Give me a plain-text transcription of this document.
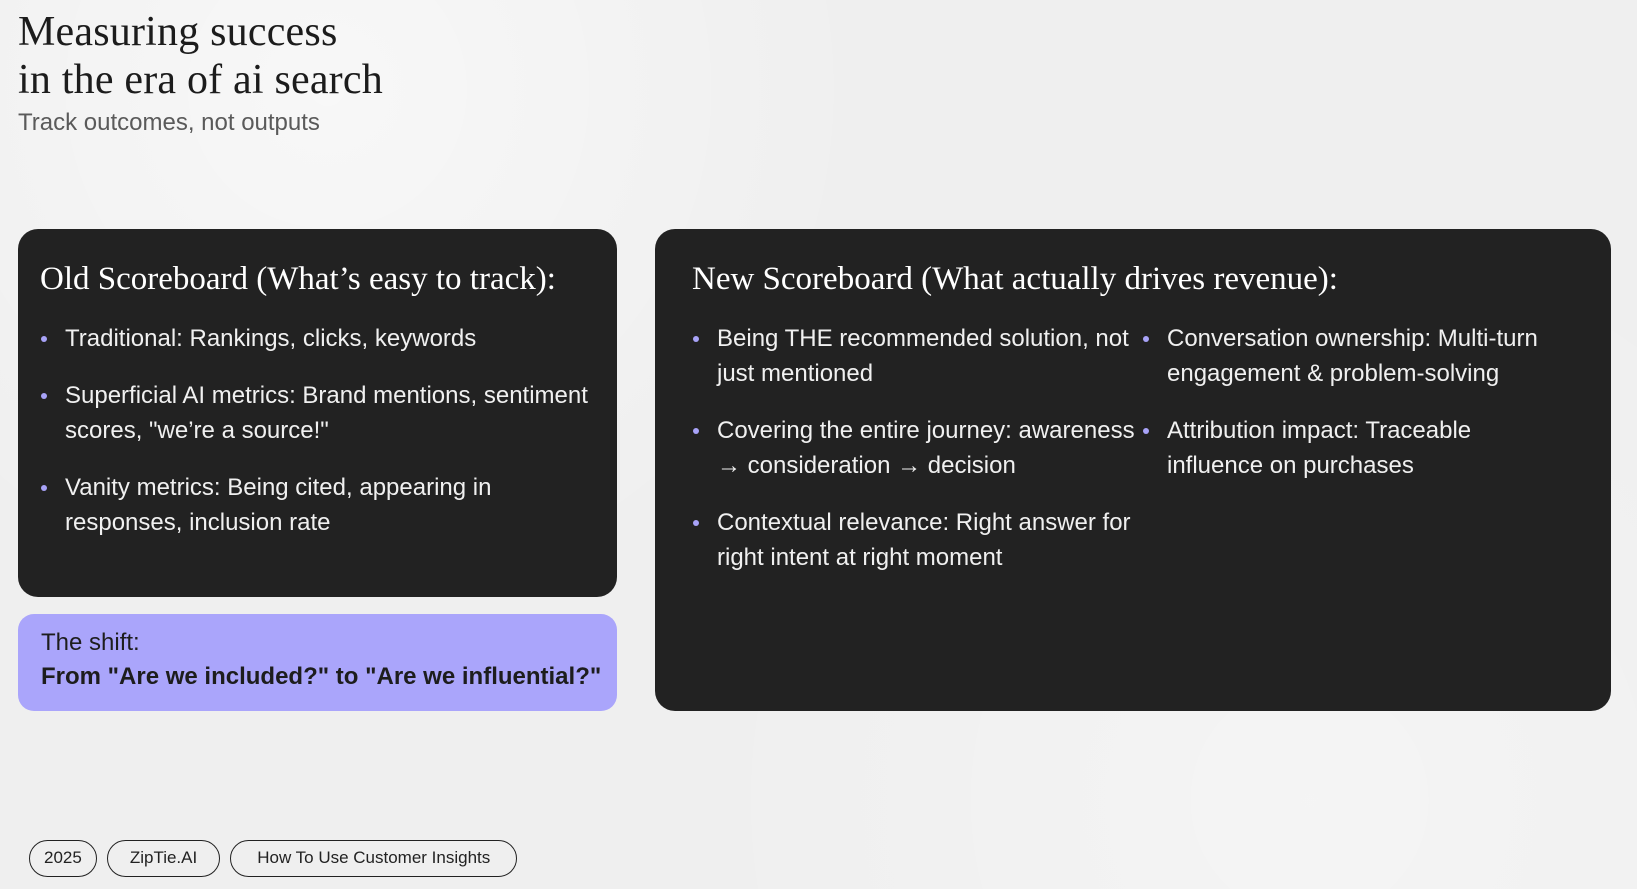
Measuring success
in the era of ai search

Track outcomes, not outputs

Old Scoreboard (What’s easy to track):
Traditional: Rankings, clicks, keywords
Superficial AI metrics: Brand mentions, sentiment scores, "we’re a source!"
Vanity metrics: Being cited, appearing in responses, inclusion rate
The shift:
From "Are we included?" to "Are we influential?"
New Scoreboard (What actually drives revenue):
Being THE recommended solution, not just mentioned
Covering the entire journey: awareness → consideration → decision
Contextual relevance: Right answer for right intent at right moment
Conversation ownership: Multi-turn engagement & problem-solving
Attribution impact: Traceable influence on purchases
2025	ZipTie.AI	How To Use Customer Insights
